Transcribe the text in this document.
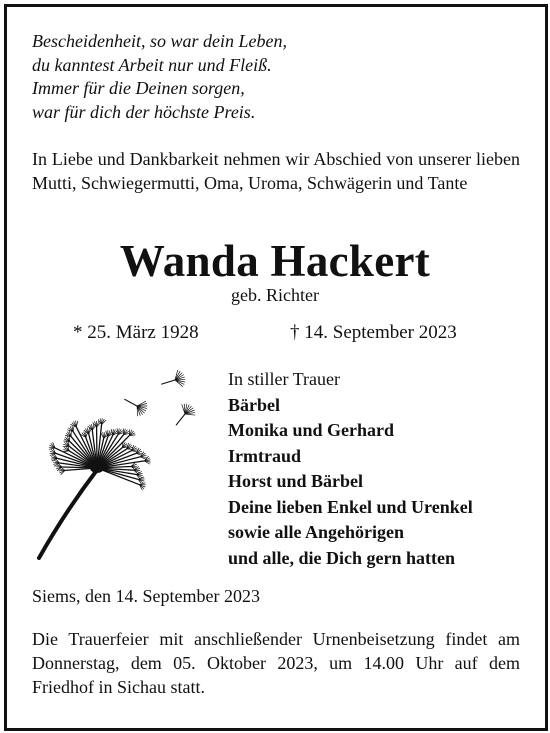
Bescheidenheit, so war dein Leben,
du kanntest Arbeit nur und Fleiß.
Immer für die Deinen sorgen,
war für dich der höchste Preis.
In Liebe und Dankbarkeit nehmen wir Abschied von unserer lieben Mutti, Schwiegermutti, Oma, Uroma, Schwägerin und Tante
Wanda Hackert
geb. Richter
* 25. März 1928	† 14. September 2023
In stiller Trauer
Bärbel
Monika und Gerhard
Irmtraud
Horst und Bärbel
Deine lieben Enkel und Urenkel
sowie alle Angehörigen
und alle, die Dich gern hatten
Siems, den 14. September 2023
Die Trauerfeier mit anschließender Urnenbeisetzung findet am Donnerstag, dem 05. Oktober 2023, um 14.00 Uhr auf dem Friedhof in Sichau statt.
